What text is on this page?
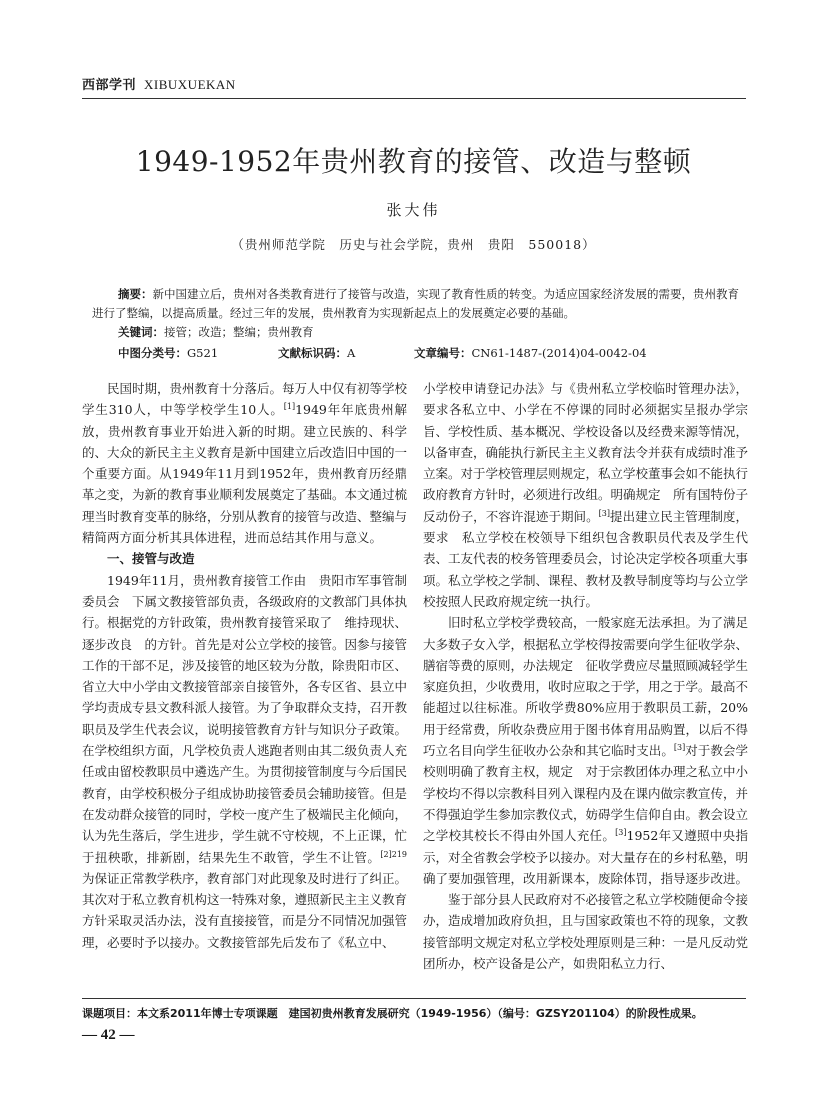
西部学刊 XIBUXUEKAN
1949-1952年贵州教育的接管、改造与整顿
张大伟
（贵州师范学院　历史与社会学院，贵州　贵阳　550018）

摘要：新中国建立后，贵州对各类教育进行了接管与改造，实现了教育性质的转变。为适应国家经济发展的需要，贵州教育进行了整编，以提高质量。经过三年的发展，贵州教育为实现新起点上的发展奠定必要的基础。

关键词：接管；改造；整编；贵州教育

中图分类号：G521	文献标识码：A	文章编号：CN61-1487-(2014)04-0042-04

民国时期，贵州教育十分落后。每万人中仅有初等学校学生310人，中等学校学生10人。[1]1949年年底贵州解放，贵州教育事业开始进入新的时期。建立民族的、科学的、大众的新民主主义教育是新中国建立后改造旧中国的一个重要方面。从1949年11月到1952年，贵州教育历经鼎革之变，为新的教育事业顺利发展奠定了基础。本文通过梳理当时教育变革的脉络，分别从教育的接管与改造、整编与精简两方面分析其具体进程，进而总结其作用与意义。

一、接管与改造

1949年11月，贵州教育接管工作由　贵阳市军事管制委员会　下属文教接管部负责，各级政府的文教部门具体执行。根据党的方针政策，贵州教育接管采取了　维持现状、逐步改良　的方针。首先是对公立学校的接管。因参与接管工作的干部不足，涉及接管的地区较为分散，除贵阳市区、省立大中小学由文教接管部亲自接管外，各专区省、县立中学均责成专县文教科派人接管。为了争取群众支持，召开教职员及学生代表会议，说明接管教育方针与知识分子政策。在学校组织方面，凡学校负责人逃跑者则由其二级负责人充任或由留校教职员中遴选产生。为贯彻接管制度与今后国民教育，由学校积极分子组成协助接管委员会辅助接管。但是在发动群众接管的同时，学校一度产生了极端民主化倾向，认为先生落后，学生进步，学生就不守校规，不上正课，忙于扭秧歌，排新剧，结果先生不敢管，学生不让管。$^{[2]219}$为保证正常教学秩序，教育部门对此现象及时进行了纠正。其次对于私立教育机构这一特殊对象，遵照新民主主义教育方针采取灵活办法，没有直接接管，而是分不同情况加强管理，必要时予以接办。文教接管部先后发布了《私立中、

小学校申请登记办法》与《贵州私立学校临时管理办法》，要求各私立中、小学在不停课的同时必须据实呈报办学宗旨、学校性质、基本概况、学校设备以及经费来源等情况，以备审查，确能执行新民主主义教育法令并获有成绩时准予立案。对于学校管理层则规定，私立学校董事会如不能执行政府教育方针时，必须进行改组。明确规定　所有国特份子反动份子，不容许混迹于期间。[3]提出建立民主管理制度，要求　私立学校在校领导下组织包含教职员代表及学生代表、工友代表的校务管理委员会，讨论决定学校各项重大事项。私立学校之学制、课程、教材及教导制度等均与公立学校按照人民政府规定统一执行。

旧时私立学校学费较高，一般家庭无法承担。为了满足大多数子女入学，根据私立学校得按需要向学生征收学杂、膳宿等费的原则，办法规定　征收学费应尽量照顾减轻学生家庭负担，少收费用，收时应取之于学，用之于学。最高不能超过以往标准。所收学费80%应用于教职员工薪，20%用于经常费，所收杂费应用于图书体育用品购置，以后不得巧立名目向学生征收办公杂和其它临时支出。[3]对于教会学校则明确了教育主权，规定　对于宗教团体办理之私立中小学校均不得以宗教科目列入课程内及在课内做宗教宣传，并不得强迫学生参加宗教仪式，妨碍学生信仰自由。教会设立之学校其校长不得由外国人充任。[3]1952年又遵照中央指示，对全省教会学校予以接办。对大量存在的乡村私塾，明确了要加强管理，改用新课本，废除体罚，指导逐步改进。

鉴于部分县人民政府对不必接管之私立学校随便命令接办，造成增加政府负担，且与国家政策也不符的现象，文教接管部明文规定对私立学校处理原则是三种：一是凡反动党团所办，校产设备是公产，如贵阳私立力行、

课题项目：本文系2011年博士专项课题　建国初贵州教育发展研究（1949-1956）（编号：GZSY201104）的阶段性成果。
— 42 —
